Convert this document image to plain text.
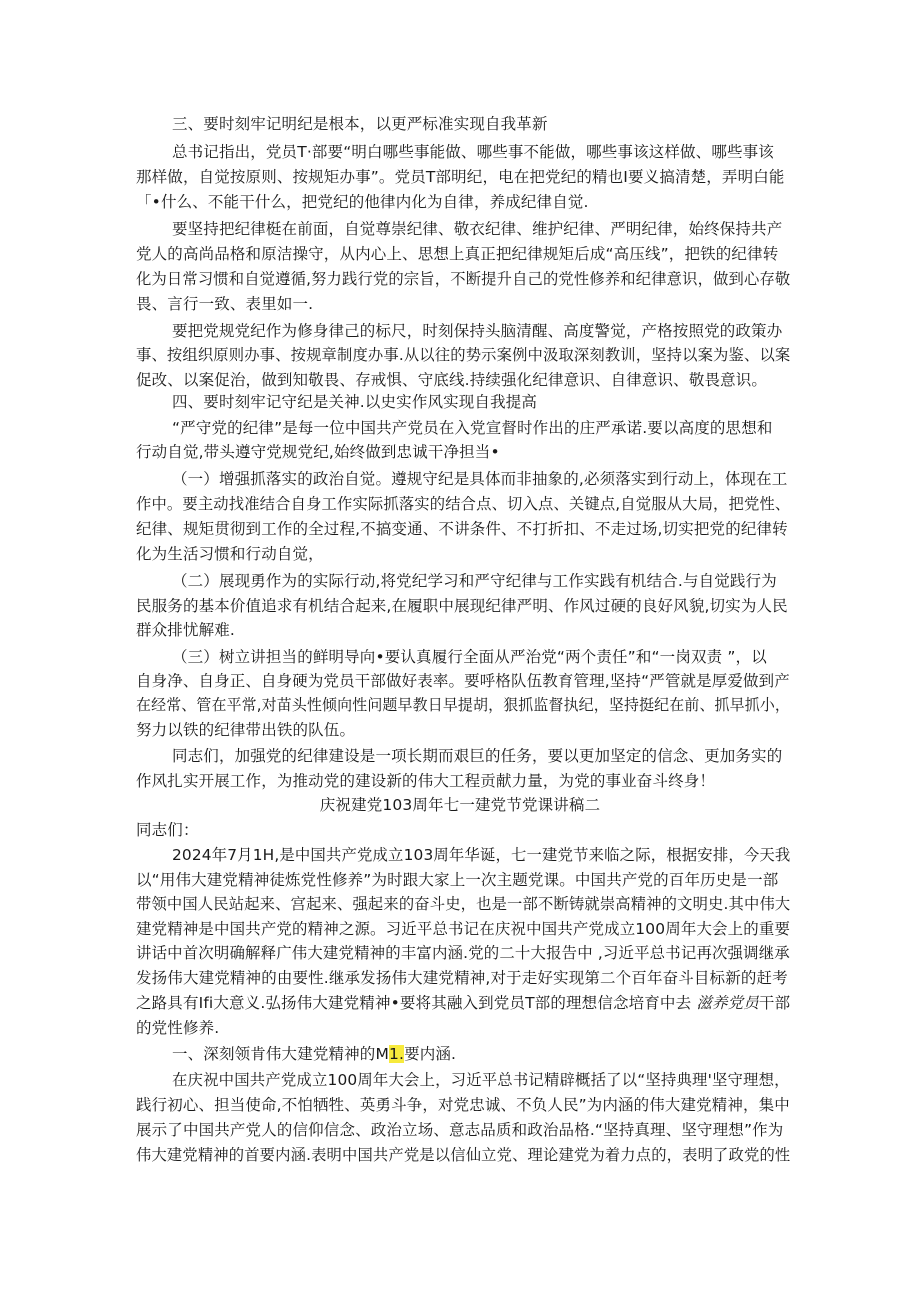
三、要时刻牢记明纪是根本，以更严标准实现自我革新
总书记指出，党员T·部要“明白哪些事能做、哪些事不能做，哪些事该这样做、哪些事该
那样做，自觉按原则、按规矩办事”。党员T部明纪，电在把党纪的精也I要义搞清楚，弄明白能
「•什么、不能干什么，把党纪的他律内化为自律，养成纪律自觉.
要坚持把纪律梃在前面，自觉尊崇纪律、敬衣纪律、维护纪律、严明纪律，始终保持共产
党人的高尚品格和原洁操守，从内心上、思想上真正把纪律规矩后成“高压线”，把铁的纪律转
化为日常习惯和自觉遵循,努力践行党的宗旨，不断提升自己的党性修养和纪律意识，做到心存敬
畏、言行一致、表里如一.
要把党规党纪作为修身律己的标尺，时刻保持头脑清醒、高度警觉，产格按照党的政策办
事、按组织原则办事、按规章制度办事.从以往的势示案例中汲取深刻教训，坚持以案为鉴、以案
促改、以案促治，做到知敬畏、存戒惧、守底线.持续强化纪律意识、自律意识、敬畏意识。
四、要时刻牢记守纪是关神.以史实作风实现自我提高
“严守党的纪律”是每一位中国共产党员在入党宣督时作出的庄严承诺.要以高度的思想和
行动自觉,带头遵守党规党纪,始终做到忠诚干净担当•
（一）增强抓落实的政治自觉。遵规守纪是具体而非抽象的,必须落实到行动上，体现在工
作中。要主动找准结合自身工作实际抓落实的结合点、切入点、关键点,自觉服从大局，把党性、
纪律、规矩贯彻到工作的全过程,不搞变通、不讲条件、不打折扣、不走过场,切实把党的纪律转
化为生活习惯和行动自觉，
（二）展现勇作为的实际行动,将党纪学习和严守纪律与工作实践有机结合.与自觉践行为
民服务的基本价值追求有机结合起来,在履职中展现纪律严明、作风过硬的良好风貌,切实为人民
群众排忧解难.
（三）树立讲担当的鲜明导向•要认真履行全面从严治党“两个责任”和“一岗双责 ”，以
自身净、自身正、自身硬为党员干部做好表率。要呼格队伍教育管理,坚持“严管就是厚爱做到产
在经常、管在平常,对苗头性倾向性问题早教日早提胡，狠抓监督执纪，坚持挺纪在前、抓早抓小，
努力以铁的纪律带出铁的队伍。
同志们，加强党的纪律建设是一项长期而艰巨的任务，要以更加坚定的信念、更加务实的
作风扎实开展工作，为推动党的建设新的伟大工程贡献力量，为党的事业奋斗终身！
庆祝建党103周年七一建党节党课讲稿二
同志们：
2024年7月1H,是中国共产党成立103周年华诞，七一建党节来临之际，根据安排，今天我
以“用伟大建党精神徒炼党性修养”为时跟大家上一次主题党课。中国共产党的百年历史是一部
带领中国人民站起来、宫起来、强起来的奋斗史，也是一部不断铸就崇高精神的文明史.其中伟大
建党精神是中国共产党的精神之源。习近平总书记在庆祝中国共产党成立100周年大会上的重要
讲话中首次明确解释广伟大建党精神的丰富内涵.党的二十大报告中 ,习近平总书记再次强调继承
发扬伟大建党精神的由要性.继承发扬伟大建党精神,对于走好实现第二个百年奋斗目标新的赶考
之路具有Ifi大意义.弘扬伟大建党精神•要将其融入到党员T部的理想信念培育中去 滋养党员干部
的党性修养.
一、深刻领肯伟大建党精神的M1.要内涵.
在庆祝中国共产党成立100周年大会上，习近平总书记精辟概括了以“坚持典理'坚守理想，
践行初心、担当使命,不怕牺牲、英勇斗争，对党忠诚、不负人民”为内涵的伟大建党精神，集中
展示了中国共产党人的信仰信念、政治立场、意志品质和政治品格.“坚持真理、坚守理想”作为
伟大建党精神的首要内涵.表明中国共产党是以信仙立党、理论建党为着力点的，表明了政党的性
